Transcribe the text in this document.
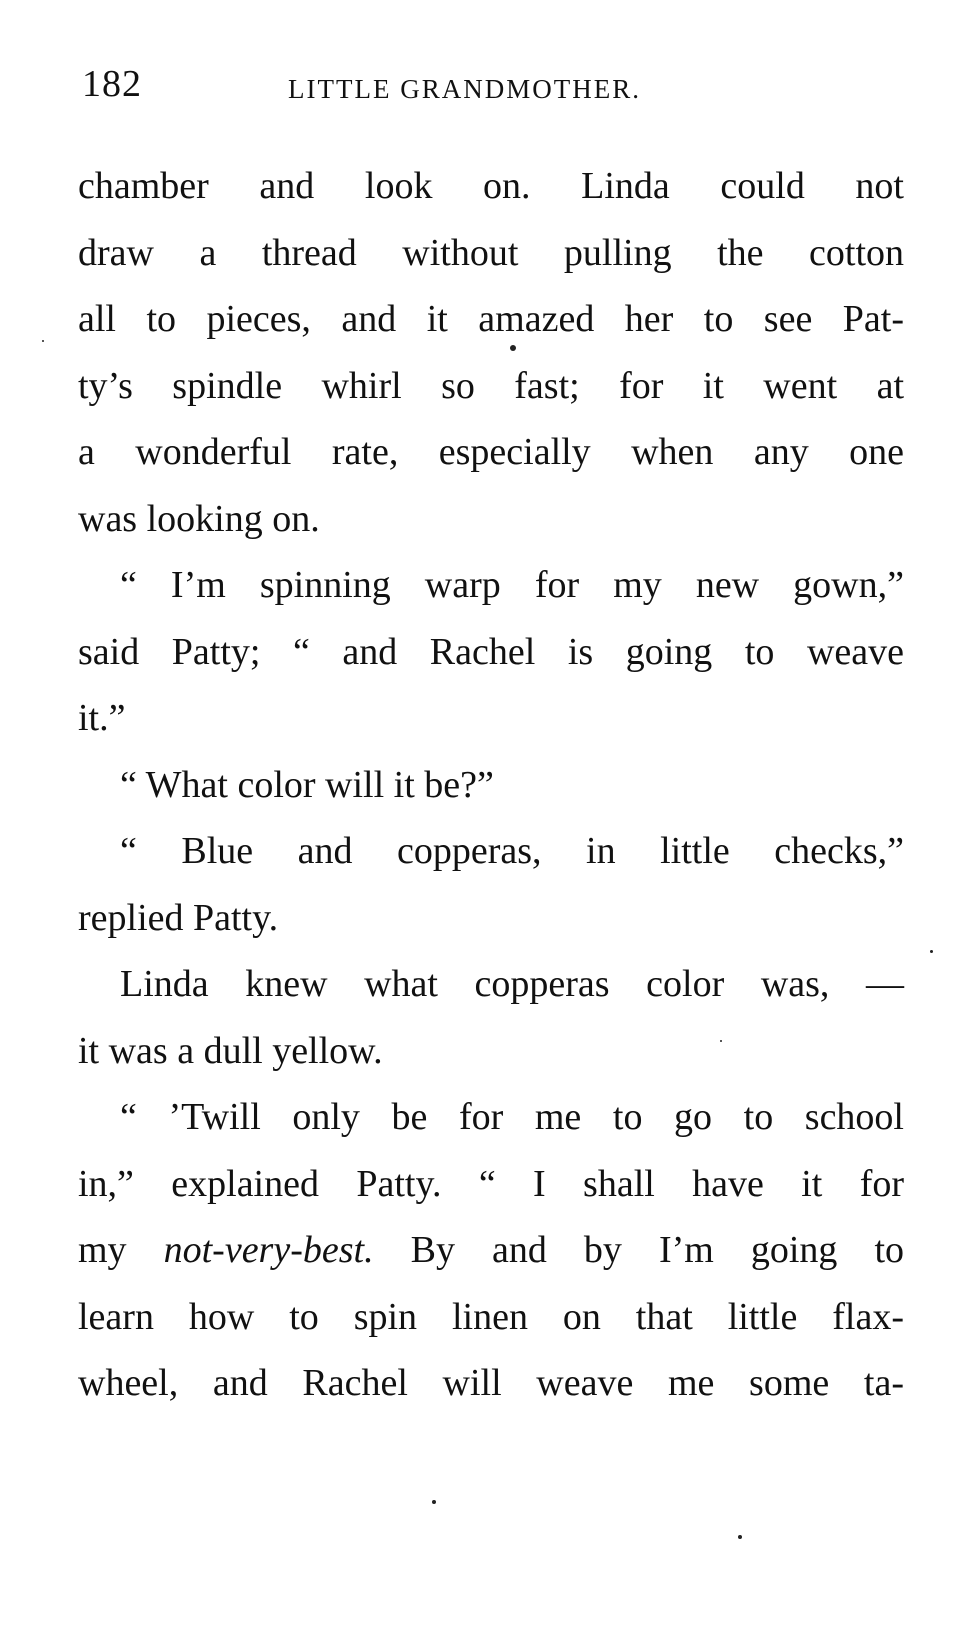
182	LITTLE GRANDMOTHER.
chamber and look on. Linda could not
draw a thread without pulling the cotton
all to pieces, and it amazed her to see Pat-
ty’s spindle whirl so fast; for it went at
a wonderful rate, especially when any one
was looking on.
“ I’m spinning warp for my new gown,”
said Patty; “ and Rachel is going to weave
it.”
“ What color will it be?”
“ Blue and copperas, in little checks,”
replied Patty.
Linda knew what copperas color was, —
it was a dull yellow.
“ ’Twill only be for me to go to school
in,” explained Patty. “ I shall have it for
my not-very-best. By and by I’m going to
learn how to spin linen on that little flax-
wheel, and Rachel will weave me some ta-
